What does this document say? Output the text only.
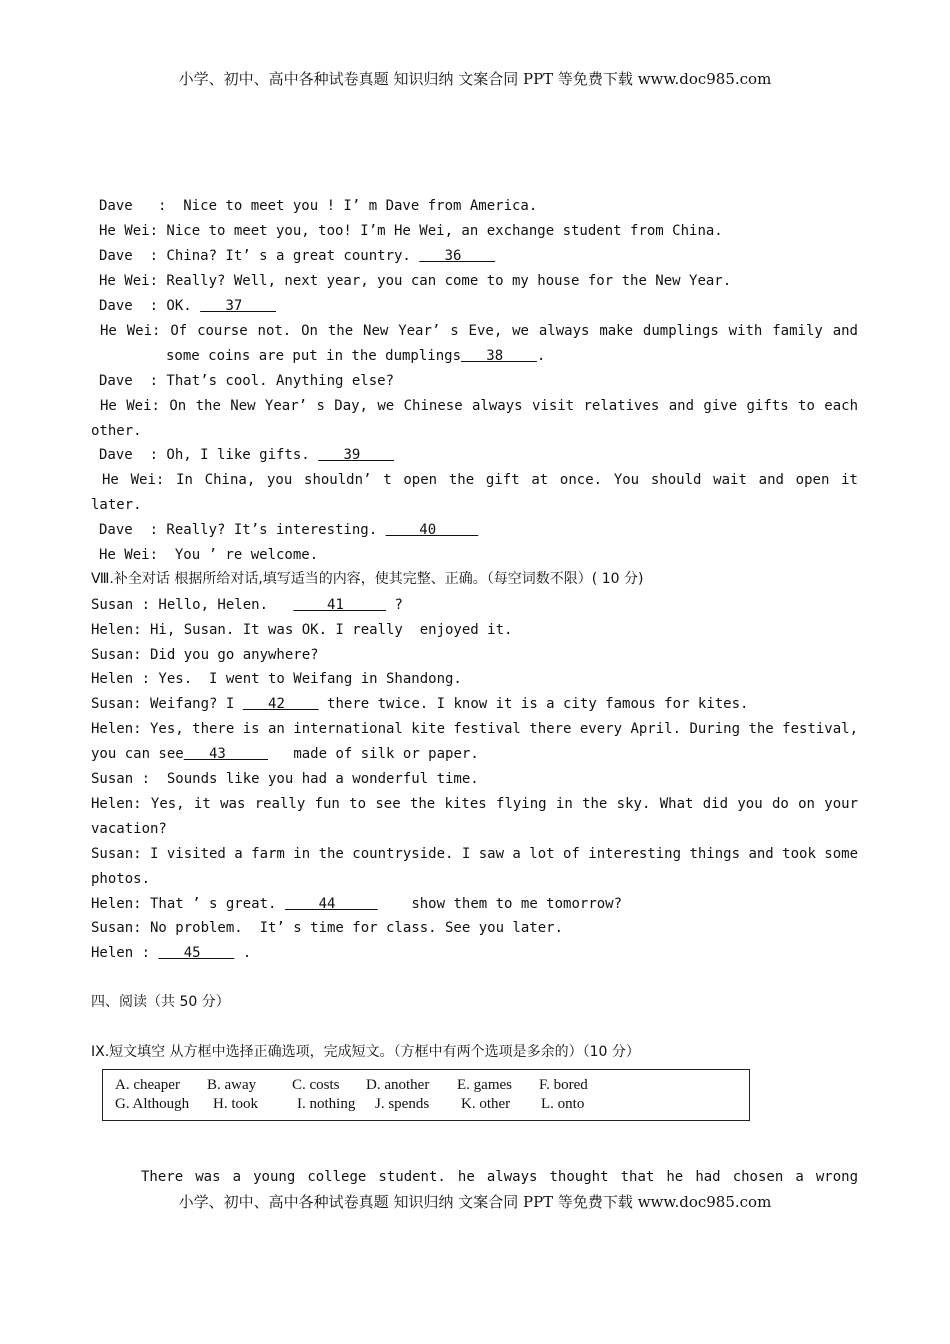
小学、初中、高中各种试卷真题 知识归纳 文案合同 PPT 等免费下载 www.doc985.com
Dave   :  Nice to meet you ! I’ m Dave from America.
He Wei: Nice to meet you, too! I’m He Wei, an exchange student from China.
Dave  : China? It’ s a great country.    36
He Wei: Really? Well, next year, you can come to my house for the New Year.
Dave  : OK.    37
He Wei: Of course not. On the New Year’ s Eve, we always make dumplings with family and
some coins are put in the dumplings   38    .
Dave  : That’s cool. Anything else?
He Wei: On the New Year’ s Day, we Chinese always visit relatives and give gifts to each
other.
Dave  : Oh, I like gifts.    39
He Wei: In China, you shouldn’ t open the gift at once. You should wait and open it
later.
Dave  : Really? It’s interesting.     40
He Wei:  You ’ re welcome.
Ⅷ.补全对话 根据所给对话,填写适当的内容，使其完整、正确。（每空词数不限）( 10 分)
Susan : Hello, Helen.       41      ?
Helen: Hi, Susan. It was OK. I really  enjoyed it.
Susan: Did you go anywhere?
Helen : Yes.  I went to Weifang in Shandong.
Susan: Weifang? I    42     there twice. I know it is a city famous for kites.
Helen: Yes, there is an international kite festival there every April. During the festival,
you can see   43        made of silk or paper.
Susan :  Sounds like you had a wonderful time.
Helen: Yes, it was really fun to see the kites flying in the sky. What did you do on your
vacation?
Susan: I visited a farm in the countryside. I saw a lot of interesting things and took some
photos.
Helen: That ’ s great.     44         show them to me tomorrow?
Susan: No problem.  It’ s time for class. See you later.
Helen :    45     .
四、阅读（共 50 分）
IX.短文填空 从方框中选择正确选项，完成短文。（方框中有两个选项是多余的）（10 分）
A. cheaper B. away C. costs D. another E. games F. bored
G. Although H. took	I. nothing J. spends K. other L. onto
There was a young college student. he always thought that he had chosen a wrong
小学、初中、高中各种试卷真题 知识归纳 文案合同 PPT 等免费下载 www.doc985.com
